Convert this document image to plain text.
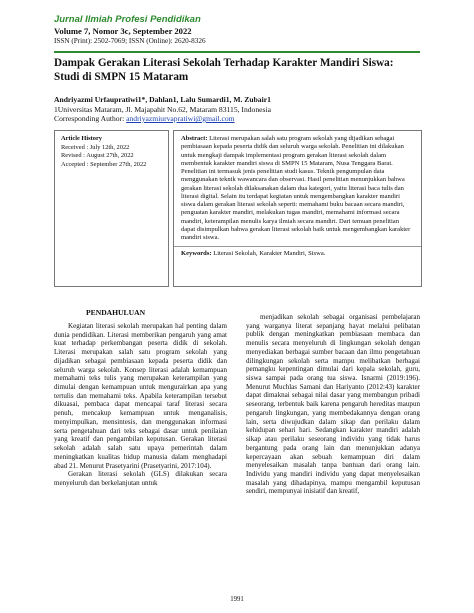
Jurnal Ilmiah Profesi Pendidikan
Volume 7, Nomor 3c, September 2022
ISSN (Print): 2502-7069; ISSN (Online): 2620-8326
Dampak Gerakan Literasi Sekolah Terhadap Karakter Mandiri Siswa: Studi di SMPN 15 Mataram
Andriyazmi Urfaupratiwi1*, Dahlan1, Lalu Sumardi1, M. Zubair1
1Universitas Mataram, Jl. Majapahit No.62, Mataram 83115, Indonesia
Corresponding Author: andriyazmiurvapratiwi@gmail.com
Article History
Received : July 12th, 2022
Revised : August 27th, 2022
Accepted : September 27th, 2022
Abstract: Literasi merupakan salah satu program sekolah yang dijadikan sebagai pembiasaan kepada peserta didik dan seluruh warga sekolah. Penelitian ini dilakukan untuk mengkaji dampak implementasi program gerakan literasi sekolah dalam membentuk karakter mandiri siswa di SMPN 15 Mataram, Nusa Tenggara Barat. Penelitian ini termasuk jenis penelitian studi kasus. Teknik pengumpulan data menggunakan teknik wawancara dan observasi. Hasil penelitian menunjukkan bahwa gerakan literasi sekolah dilaksanakan dalam dua kategori, yaitu literasi baca tulis dan literasi digital. Selain itu terdapat kegiatan untuk mengembangkan karakter mandiri siswa dalam gerakan literasi sekolah seperti: memahami buku bacaan secara mandiri, penguatan karakter mandiri, melakukan tugas mandiri, memahami informasi secara mandiri, keterampilan menulis karya ilmiah secara mandiri. Dari temuan penelitian dapat disimpulkan bahwa gerakan literasi sekolah baik untuk mengembangkan karakter mandiri siswa.
Keywords: Literasi Sekolah, Karakter Mandiri, Siswa.
PENDAHULUAN

Kegiatan literasi sekolah merupakan hal penting dalam dunia pendidikan. Literasi memberikan pengaruh yang amat kuat terhadap perkembangan peserta didik di sekolah. Literasi merupakan salah satu program sekolah yang dijadikan sebagai pembiasaan kepada peserta didik dan seluruh warga sekolah. Konsep literasi adalah kemampuan memahami teks tulis yang merupakan keterampilan yang dimulai dengan kemampuan untuk mengurairkan apa yang tertulis dan memahami teks. Apabila keterampilan tersebut dikuasai, pembaca dapat mencapai taraf literasi secara penuh, mencakup kemampuan untuk menganalisis, menyimpulkan, mensintesis, dan menggunakan informasi serta pengetahuan dari teks sebagai dasar untuk penilaian yang kreatif dan pengambilan keputusan. Gerakan literasi sekolah adalah salah satu upaya pemerintah dalam meningkatkan kualitas hidup manusia dalam menghadapi abad 21. Menurut Prasetyarini (Prasetyarini, 2017:104).

Gerakan literasi sekolah (GLS) dilakukan secara menyeluruh dan berkelanjutan untuk

menjadikan sekolah sebagai organisasi pembelajaran yang warganya literat sepanjang hayat melalui pelibatan publik dengan meningkatkan pembiasaan membaca dan menulis secara menyeluruh di lingkungan sekolah dengan menyediakan berbagai sumber bacaan dan ilmu pengetahuan dilingkungan sekolah serta mampu melibatkan berbagai pemangku kepentingan dimulai dari kepala sekolah, guru, siswa sampai pada orang tua siswa. Isnarmi (2019:196). Menurut Muchlas Samani dan Hariyanto (2012:43) karakter dapat dimaknai sebagai nilai dasar yang membangun pribadi seseorang, terbentuk baik karena pengaruh hereditas maupun pengaruh lingkungan, yang membedakannya dengan orang lain, serta diwujudkan dalam sikap dan perilaku dalam kehidupan sehari hari. Sedangkan karakter mandiri adalah sikap atau perilaku seseorang individu yang tidak harus bergantung pada orang lain dan menunjukkan adanya kepercayaan akan sebuah kemampuan diri dalam menyelesaikan masalah tanpa bantuan dari orang lain. Individu yang mandiri individu yang dapat menyelesaikan masalah yang dihadapinya, mampu mengambil keputusan sendiri, mempunyai inisiatif dan kreatif,

1991
